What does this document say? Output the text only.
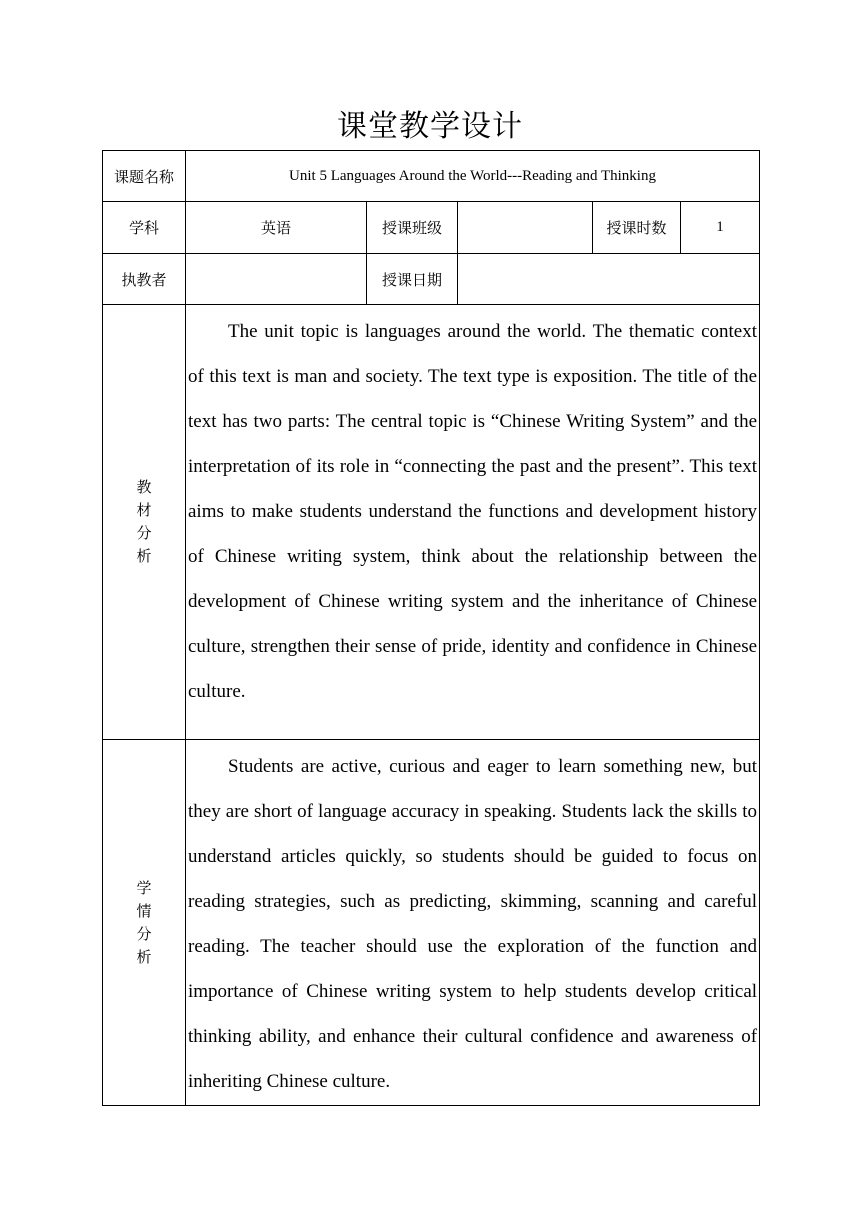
课堂教学设计
课题名称	Unit 5 Languages Around the World---Reading and Thinking				
学科	英语	授课班级		授课时数	1
执教者		授课日期			
教材分析	The unit topic is languages around the world. The thematic context of this text is man and society. The text type is exposition. The title of the text has two parts: The central topic is “Chinese Writing System” and the interpretation of its role in “connecting the past and the present”. This text aims to make students understand the functions and development history of Chinese writing system, think about the relationship between the development of Chinese writing system and the inheritance of Chinese culture, strengthen their sense of pride, identity and confidence in Chinese culture.				

学情分析	Students are active, curious and eager to learn something new, but they are short of language accuracy in speaking. Students lack the skills to understand articles quickly, so students should be guided to focus on reading strategies, such as predicting, skimming, scanning and careful reading. The teacher should use the exploration of the function and importance of Chinese writing system to help students develop critical thinking ability, and enhance their cultural confidence and awareness of inheriting Chinese culture.				
